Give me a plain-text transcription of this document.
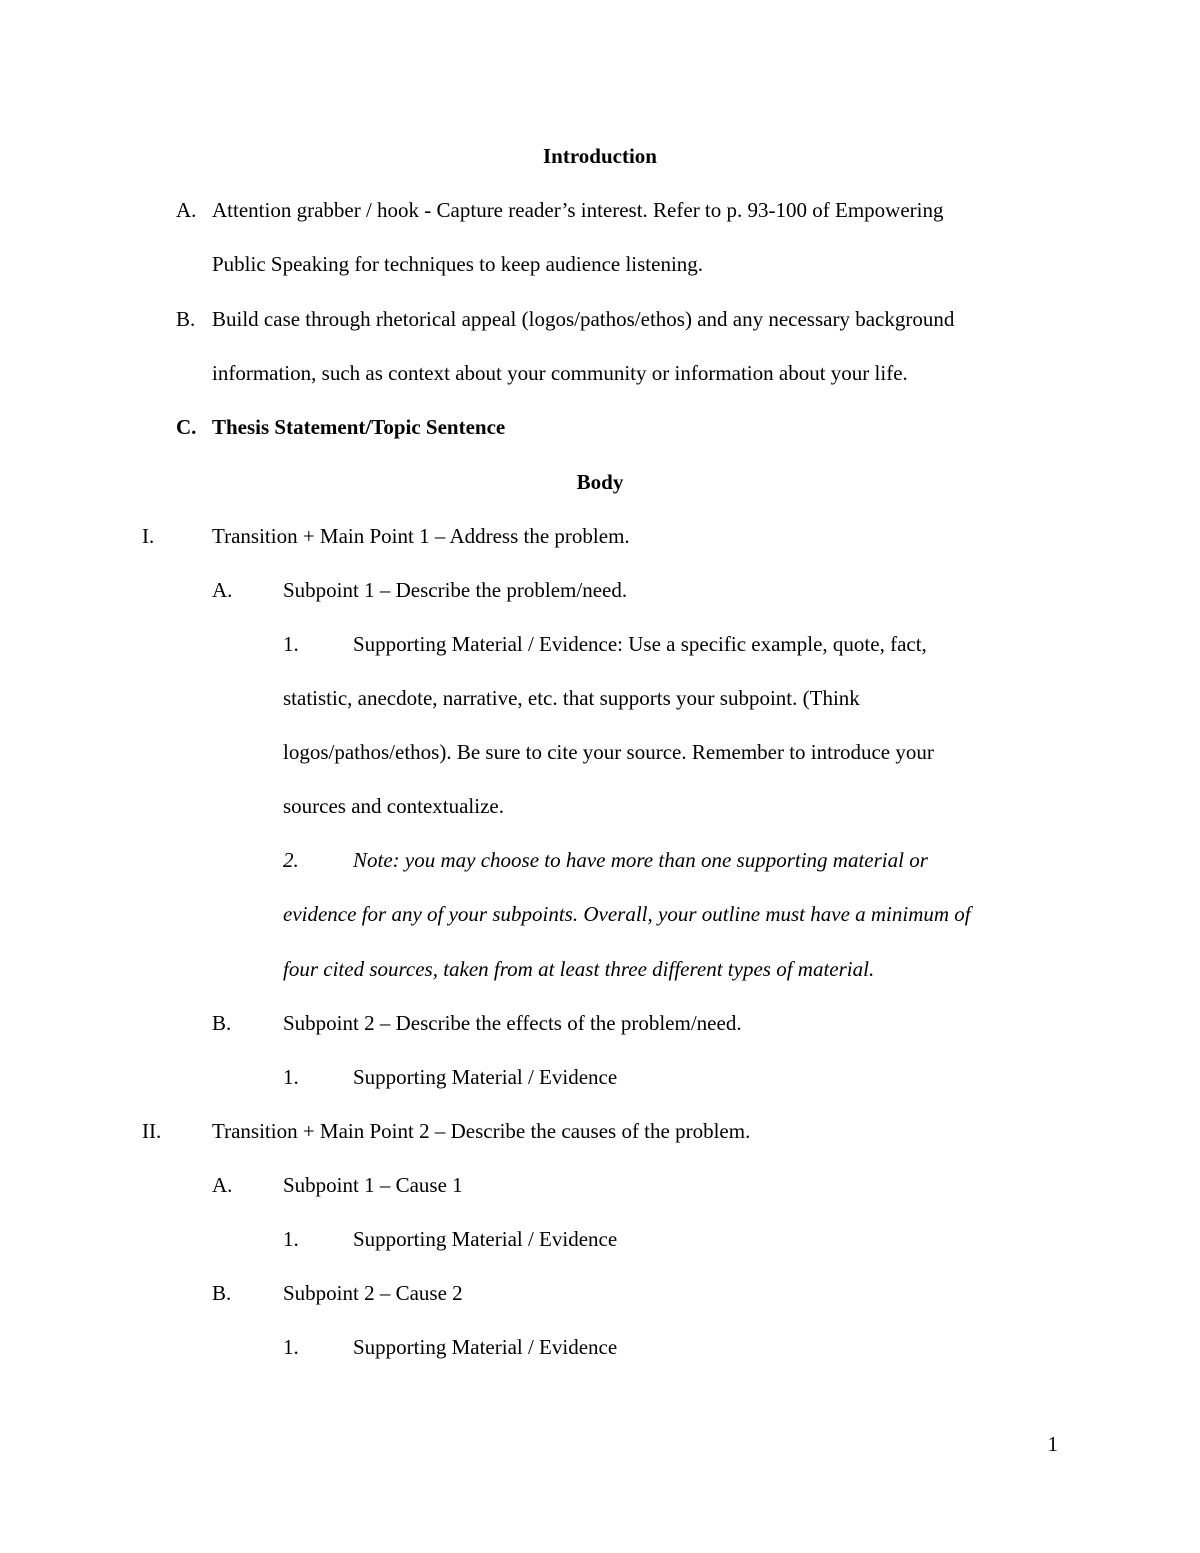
Introduction
A. Attention grabber / hook - Capture reader’s interest. Refer to p. 93-100 of Empowering
Public Speaking for techniques to keep audience listening.
B. Build case through rhetorical appeal (logos/pathos/ethos) and any necessary background
information, such as context about your community or information about your life.
C. Thesis Statement/Topic Sentence
Body
I.	Transition + Main Point 1 – Address the problem.
A. Subpoint 1 – Describe the problem/need.
1.	Supporting Material / Evidence: Use a specific example, quote, fact,
statistic, anecdote, narrative, etc. that supports your subpoint. (Think
logos/pathos/ethos). Be sure to cite your source. Remember to introduce your
sources and contextualize.
2.	Note: you may choose to have more than one supporting material or
evidence for any of your subpoints. Overall, your outline must have a minimum of
four cited sources, taken from at least three different types of material.
B. Subpoint 2 – Describe the effects of the problem/need.
1.	Supporting Material / Evidence
II. Transition + Main Point 2 – Describe the causes of the problem.
A. Subpoint 1 – Cause 1
1.	Supporting Material / Evidence
B. Subpoint 2 – Cause 2
1.	Supporting Material / Evidence
1
